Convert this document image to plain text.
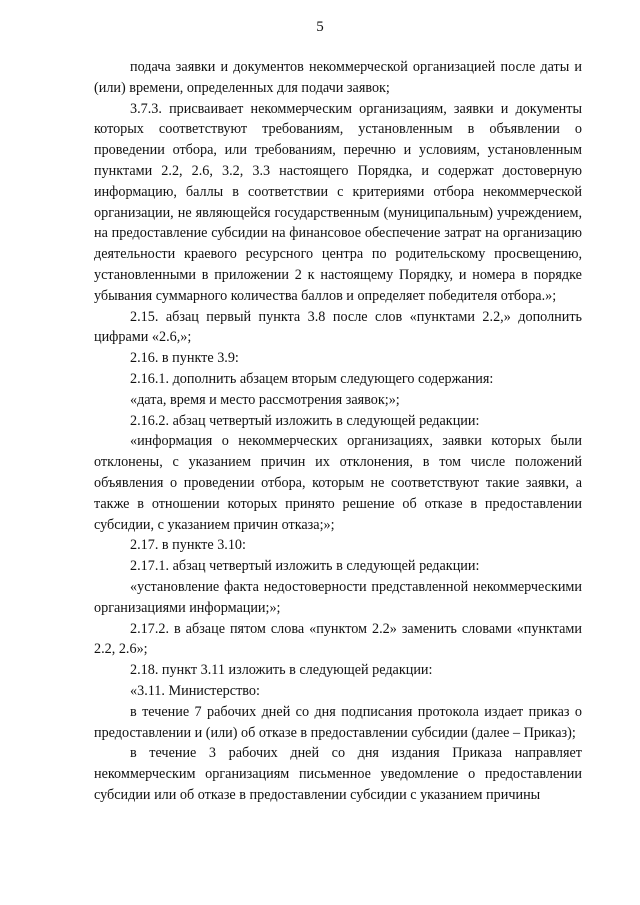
5

подача заявки и документов некоммерческой организацией после даты и (или) времени, определенных для подачи заявок;

3.7.3. присваивает некоммерческим организациям, заявки и документы которых соответствуют требованиям, установленным в объявлении о проведении отбора, или требованиям, перечню и условиям, установленным пунктами 2.2, 2.6, 3.2, 3.3 настоящего Порядка, и содержат достоверную информацию, баллы в соответствии с критериями отбора некоммерческой организации, не являющейся государственным (муниципальным) учреждением, на предоставление субсидии на финансовое обеспечение затрат на организацию деятельности краевого ресурсного центра по родительскому просвещению, установленными в приложении 2 к настоящему Порядку, и номера в порядке убывания суммарного количества баллов и определяет победителя отбора.»;

2.15. абзац первый пункта 3.8 после слов «пунктами 2.2,» дополнить цифрами «2.6,»;

2.16. в пункте 3.9:

2.16.1. дополнить абзацем вторым следующего содержания:

«дата, время и место рассмотрения заявок;»;

2.16.2. абзац четвертый изложить в следующей редакции:

«информация о некоммерческих организациях, заявки которых были отклонены, с указанием причин их отклонения, в том числе положений объявления о проведении отбора, которым не соответствуют такие заявки, а также в отношении которых принято решение об отказе в предоставлении субсидии, с указанием причин отказа;»;

2.17. в пункте 3.10:

2.17.1. абзац четвертый изложить в следующей редакции:

«установление факта недостоверности представленной некоммерческими организациями информации;»;

2.17.2. в абзаце пятом слова «пунктом 2.2» заменить словами «пунктами 2.2, 2.6»;

2.18. пункт 3.11 изложить в следующей редакции:

«3.11. Министерство:

в течение 7 рабочих дней со дня подписания протокола издает приказ о предоставлении и (или) об отказе в предоставлении субсидии (далее – Приказ);

в течение 3 рабочих дней со дня издания Приказа направляет некоммерческим организациям письменное уведомление о предоставлении субсидии или об отказе в предоставлении субсидии с указанием причины
